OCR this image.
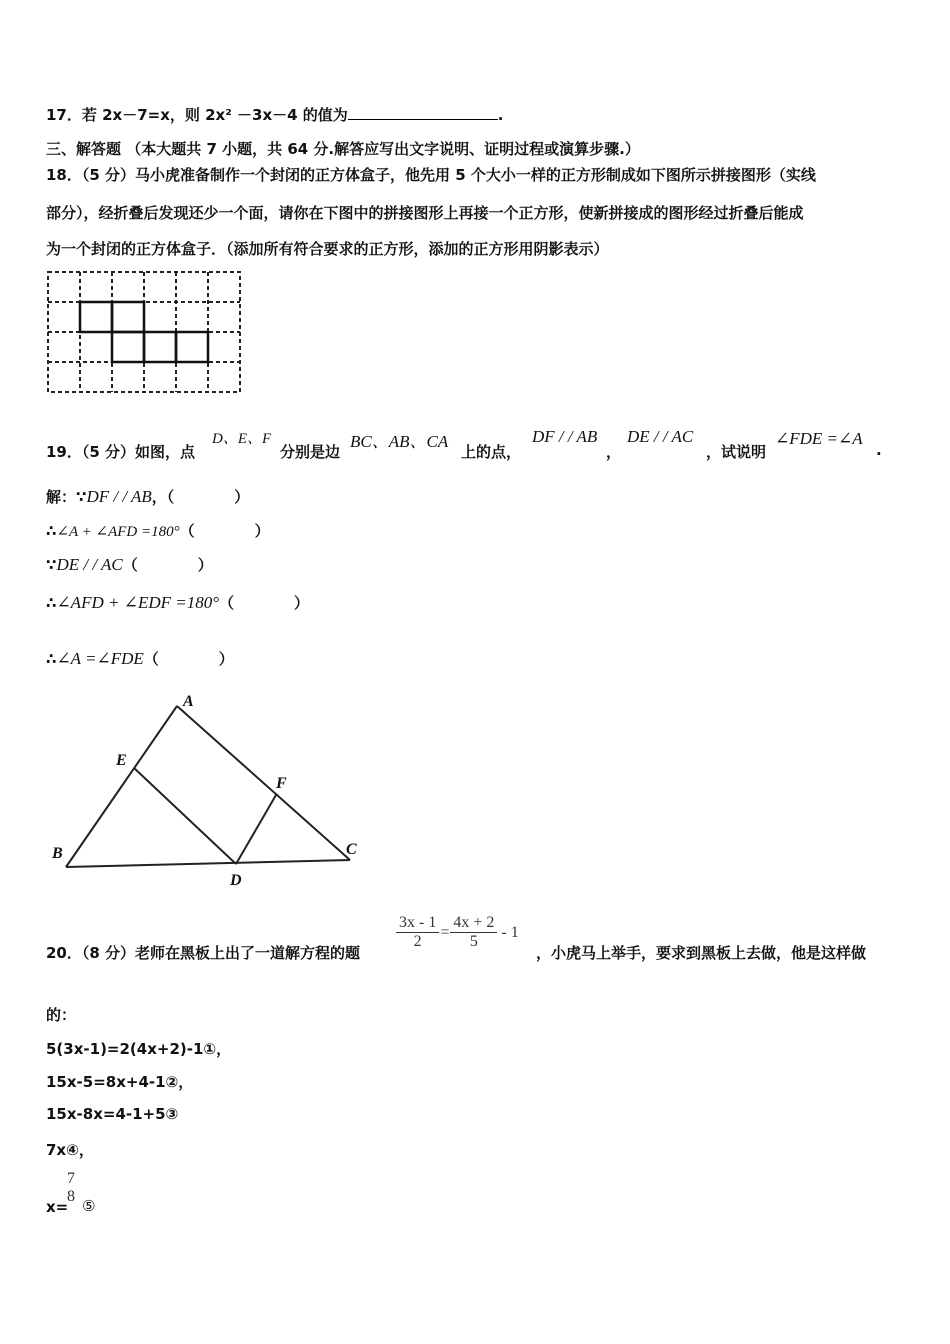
17．若 2x－7=x，则 2x² －3x－4 的值为	.
三、解答题 （本大题共 7 小题，共 64 分.解答应写出文字说明、证明过程或演算步骤.）
18．（5 分）马小虎准备制作一个封闭的正方体盒子，他先用 5 个大小一样的正方形制成如下图所示拼接图形（实线
部分），经折叠后发现还少一个面，请你在下图中的拼接图形上再接一个正方形，使新拼接成的图形经过折叠后能成
为一个封闭的正方体盒子．（添加所有符合要求的正方形，添加的正方形用阴影表示）
19．（5 分）如图，点
D、E、F
分别是边
BC、AB、CA
上的点，
DF / / AB
，
DE / / AC
，试说明
∠FDE =∠A
.
解：∵DF / / AB，（　　　　）
∴∠A + ∠AFD =180°（　　　　）
∵DE / / AC（　　　　）
∴∠AFD + ∠EDF =180°（　　　　）
∴∠A =∠FDE（　　　　）
A
B	C
D
E
F
20．（8 分）老师在黑板上出了一道解方程的题
$\frac{3x - 1}{2} = \frac{4x + 2}{5} - 1$
，小虎马上举手，要求到黑板上去做，他是这样做
的：
5(3x-1)=2(4x+2)-1①，
15x-5=8x+4-1②，
15x-8x=4-1+5③
7x④，
x=
7
8
⑤
